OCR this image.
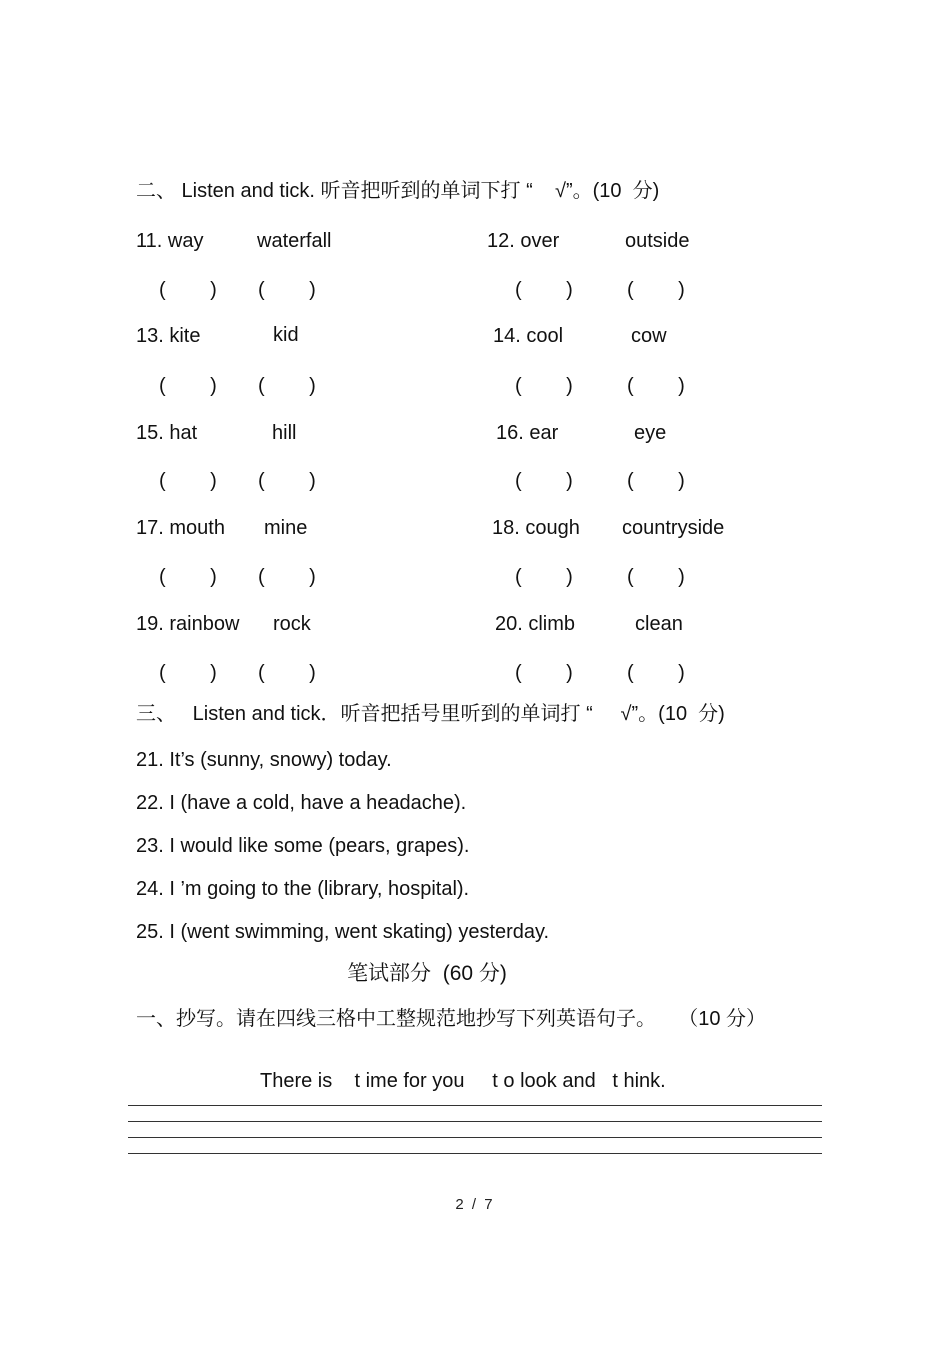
二、 Listen and tick. 听音把听到的单词下打 “    √”。(10  分)
11. way	waterfall	12. over	outside
(        ) (        )	(        )	(        )
13. kite	kid	14. cool	cow
(        ) (        )	(        )	(        )
15. hat	hill	16. ear	eye
(        ) (        )	(        )	(        )
17. mouth mine	18. cough countryside
(        ) (        )	(        )	(        )
19. rainbow rock	20. climb	clean
(        ) (        )	(        )	(        )
三、   Listen and tick．听音把括号里听到的单词打 “     √”。(10  分)
21. It’s (sunny, snowy) today.
22. I (have a cold, have a headache).
23. I would like some (pears, grapes).
24. I ’m going to the (library, hospital).
25. I (went swimming, went skating) yesterday.
笔试部分  (60 分)
一、抄写。请在四线三格中工整规范地抄写下列英语句子。    （10 分）
There is    t ime for you     t o look and   t hink.
2 / 7
